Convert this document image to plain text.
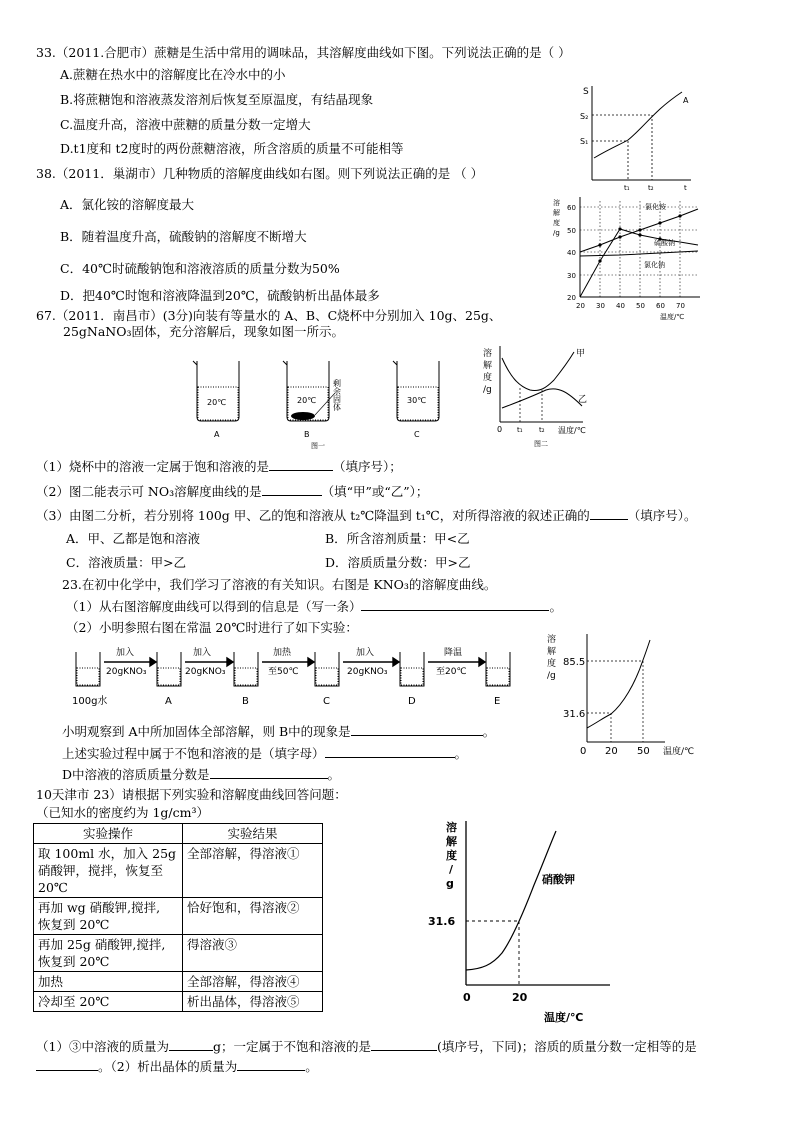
33.（2011.合肥市）蔗糖是生活中常用的调味品，其溶解度曲线如下图。下列说法正确的是（ ）
A.蔗糖在热水中的溶解度比在冷水中的小
B.将蔗糖饱和溶液蒸发溶剂后恢复至原温度，有结晶现象
C.温度升高，溶液中蔗糖的质量分数一定增大
D.t1度和 t2度时的两份蔗糖溶液，所含溶质的质量不可能相等
S
S₂
S₁
A
t₁	t₂	t
38.（2011．巢湖市）几种物质的溶解度曲线如右图。则下列说法正确的是 （ ）
A．氯化铵的溶解度最大
B．随着温度升高，硫酸钠的溶解度不断增大
C．40℃时硫酸钠饱和溶液溶质的质量分数为50%
D．把40℃时饱和溶液降温到20℃，硫酸钠析出晶体最多
溶
解
度
/g
60
50
40
30
20
20 30 40 50 60 70
温度/℃
氯化铵
硫酸钠
氯化钠
67.（2011．南昌市）(3分)向装有等量水的 A、B、C烧杯中分别加入 10g、25g、
25gNaNO₃固体，充分溶解后，现象如图一所示。
20℃
A
20℃
B
剩余固体	30℃
C
图一
溶
解
度
/g
甲
乙
0 t₁ t₂ 温度/℃
图二
（1）烧杯中的溶液一定属于饱和溶液的是	（填序号）；
（2）图二能表示可 NO₃溶解度曲线的是	（填“甲”或“乙”）；
（3）由图二分析，若分别将 100g 甲、乙的饱和溶液从 t₂℃降温到 t₁℃，对所得溶液的叙述正确的	（填序号）。
A．甲、乙都是饱和溶液	B．所含溶剂质量：甲<乙
C．溶液质量：甲>乙	D．溶质质量分数：甲>乙
23.在初中化学中，我们学习了溶液的有关知识。右图是 KNO₃的溶解度曲线。
（1）从右图溶解度曲线可以得到的信息是（写一条）	。
（2）小明参照右图在常温 20℃时进行了如下实验：
加入
20gKNO₃
加入
20gKNO₃
加热
至50℃
加入
20gKNO₃
降温
至20℃
100g水	A	B	C	D	E
溶
解
度
/g
85.5
31.6
0 20 50 温度/℃
小明观察到 A中所加固体全部溶解，则 B中的现象是	。
上述实验过程中属于不饱和溶液的是（填字母）	。
D中溶液的溶质质量分数是	。
10天津市 23）请根据下列实验和溶解度曲线回答问题：
（已知水的密度约为 1g/cm³）
实验操作	实验结果

取 100ml 水，加入 25g
硝酸钾，搅拌，恢复至
20℃	全部溶解，得溶液①

再加 wg 硝酸钾,搅拌,
恢复到 20℃	恰好饱和，得溶液②

再加 25g 硝酸钾,搅拌,
恢复到 20℃	得溶液③
加热	全部溶解，得溶液④
冷却至 20℃	析出晶体，得溶液⑤
溶
解
度
/
g
31.6
0	20
温度/℃
硝酸钾
（1）③中溶液的质量为	g；一定属于不饱和溶液的是	(填序号，下同)；溶质的质量分数一定相等的是
。（2）析出晶体的质量为	。
